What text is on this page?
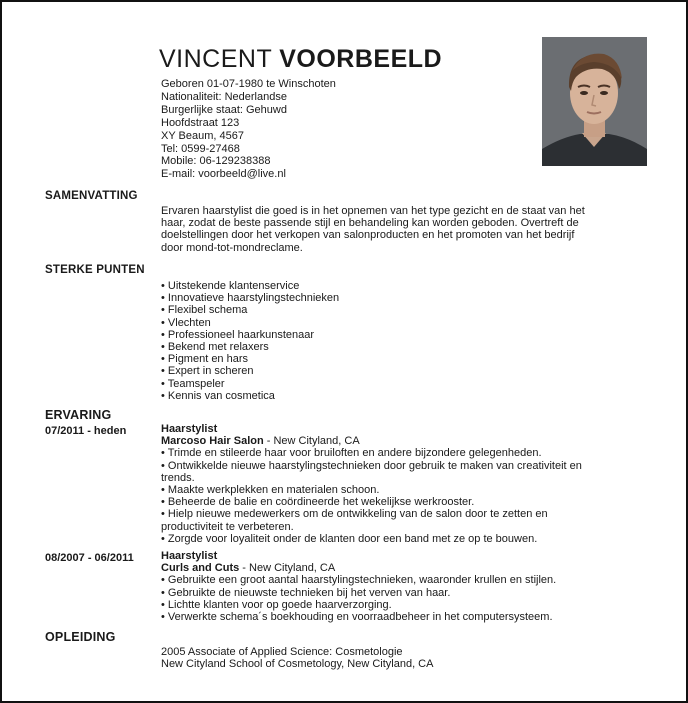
VINCENT VOORBEELD
Geboren 01-07-1980 te Winschoten
Nationaliteit: Nederlandse
Burgerlijke staat: Gehuwd
Hoofdstraat 123
XY Beaum, 4567
Tel: 0599-27468
Mobile: 06-129238388
E-mail: voorbeeld@live.nl
SAMENVATTING
Ervaren haarstylist die goed is in het opnemen van het type gezicht en de staat van het
haar, zodat de beste passende stijl en behandeling kan worden geboden. Overtreft de
doelstellingen door het verkopen van salonproducten en het promoten van het bedrijf
door mond-tot-mondreclame.
STERKE PUNTEN
• Uitstekende klantenservice
• Innovatieve haarstylingstechnieken
• Flexibel schema
• Vlechten
• Professioneel haarkunstenaar
• Bekend met relaxers
• Pigment en hars
• Expert in scheren
• Teamspeler
• Kennis van cosmetica
ERVARING
07/2011 - heden	Haarstylist
Marcoso Hair Salon - New Cityland, CA
• Trimde en stileerde haar voor bruiloften en andere bijzondere gelegenheden.
• Ontwikkelde nieuwe haarstylingstechnieken door gebruik te maken van creativiteit en
trends.
• Maakte werkplekken en materialen schoon.
• Beheerde de balie en coördineerde het wekelijkse werkrooster.
• Hielp nieuwe medewerkers om de ontwikkeling van de salon door te zetten en
productiviteit te verbeteren.
• Zorgde voor loyaliteit onder de klanten door een band met ze op te bouwen.
08/2007 - 06/2011 Haarstylist
Curls and Cuts - New Cityland, CA
• Gebruikte een groot aantal haarstylingstechnieken, waaronder krullen en stijlen.
• Gebruikte de nieuwste technieken bij het verven van haar.
• Lichtte klanten voor op goede haarverzorging.
• Verwerkte schema´s boekhouding en voorraadbeheer in het computersysteem.
OPLEIDING
2005 Associate of Applied Science: Cosmetologie
New Cityland School of Cosmetology, New Cityland, CA
